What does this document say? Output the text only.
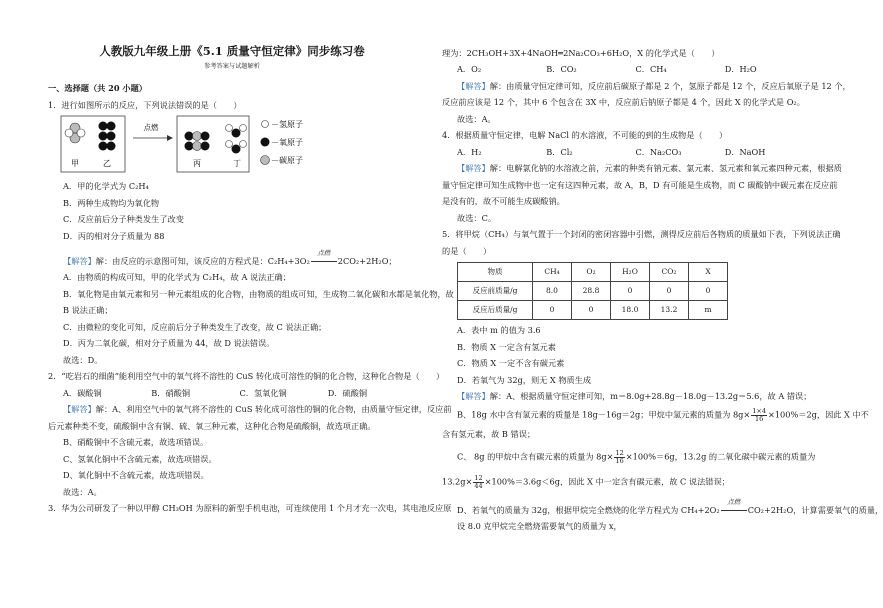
人教版九年级上册《5.1 质量守恒定律》同步练习卷
参考答案与试题解析
一、选择题（共 20 小题）
1．进行如图所示的反应，下列说法错误的是（　　）
甲	乙
点燃
丙	丁
－氢原子
－氧原子
－碳原子
A．甲的化学式为 C₂H₄
B．两种生成物均为氧化物
C．反应前后分子种类发生了改变
D．丙的相对分子质量为 88
【解答】解：由反应的示意图可知，该反应的方程式是：C₂H₄+3O₂
点燃
2CO₂+2H₂O；
A．由物质的构成可知，甲的化学式为 C₂H₄，故 A 说法正确；
B．氧化物是由氧元素和另一种元素组成的化合物，由物质的组成可知，生成物二氧化碳和水都是氧化物，故
B 说法正确；
C．由微粒的变化可知，反应前后分子种类发生了改变，故 C 说法正确；
D．丙为二氧化碳，相对分子质量为 44，故 D 说法错误。
故选：D。
2．“吃岩石的细菌”能利用空气中的氧气将不溶性的 CuS 转化成可溶性的铜的化合物，这种化合物是（　　）
A．碳酸铜	B．硝酸铜	C．氢氧化铜	D．硫酸铜
【解答】解：A、利用空气中的氧气将不溶性的 CuS 转化成可溶性的铜的化合物，由质量守恒定律，反应前
后元素种类不变，硫酸铜中含有铜、硫、氧三种元素，这种化合物是硫酸铜，故选项正确。
B、硝酸铜中不含硫元素，故选项错误。
C、氢氧化铜中不含硫元素，故选项错误。
D、氧化铜中不含硫元素，故选项错误。
故选：A。
3．华为公司研发了一种以甲醇 CH₃OH 为原料的新型手机电池，可连续使用 1 个月才充一次电，其电池反应原
理为：2CH₃OH+3X+4NaOH═2Na₂CO₃+6H₂O，X 的化学式是（　　）
A．O₂	B．CO₂	C．CH₄	D．H₂O
【解答】解：由质量守恒定律可知，反应前后碳原子都是 2 个，氢原子都是 12 个，反应后氧原子是 12 个，
反应前应该是 12 个，其中 6 个包含在 3X 中，反应前后钠原子都是 4 个，因此 X 的化学式是 O₂。
故选：A。
4．根据质量守恒定律，电解 NaCl 的水溶液，不可能的到的生成物是（　　）
A．H₂	B．Cl₂	C．Na₂CO₃	D．NaOH
【解答】解：电解氯化钠的水溶液之前，元素的种类有钠元素、氯元素、氢元素和氧元素四种元素，根据质
量守恒定律可知生成物中也一定有这四种元素，故 A，B，D 有可能是生成物，而 C 碳酸钠中碳元素在反应前
是没有的，故不可能生成碳酸钠。
故选：C。
5．将甲烷（CH₄）与氧气置于一个封闭的密闭容器中引燃，测得反应前后各物质的质量如下表，下列说法正确
的是（　　）
物质	CH₄	O₂	H₂O	CO₂	X
反应前质量/g	8.0	28.8	0	0	0
反应后质量/g	0	0	18.0	13.2	m
A．表中 m 的值为 3.6
B．物质 X 一定含有氢元素
C．物质 X 一定不含有碳元素
D．若氧气为 32g，则无 X 物质生成
【解答】解：A、根据质量守恒定律可知，m＝8.0g+28.8g－18.0g－13.2g＝5.6，故 A 错误；
B、18g 水中含有氢元素的质量是 18g－16g＝2g；甲烷中氢元素的质量为 $8g\times \frac{1\times 4}{16} \times 100\%=2g$，因此 X 中不
含有氢元素，故 B 错误；
C、 8g 的甲烷中含有碳元素的质量为 $8g\times \frac{12}{16} \times 100\%=6g$，13.2g 的二氧化碳中碳元素的质量为
$13.2g\times \frac{12}{44} \times 100\%=3.6g<6g$，因此 X 中一定含有碳元素，故 C 说法错误；
D、若氧气的质量为 32g，根据甲烷完全燃烧的化学方程式为 CH₄+2O₂
点燃
CO₂+2H₂O，计算需要氧气的质量，
设 8.0 克甲烷完全燃烧需要氧气的质量为 x，
